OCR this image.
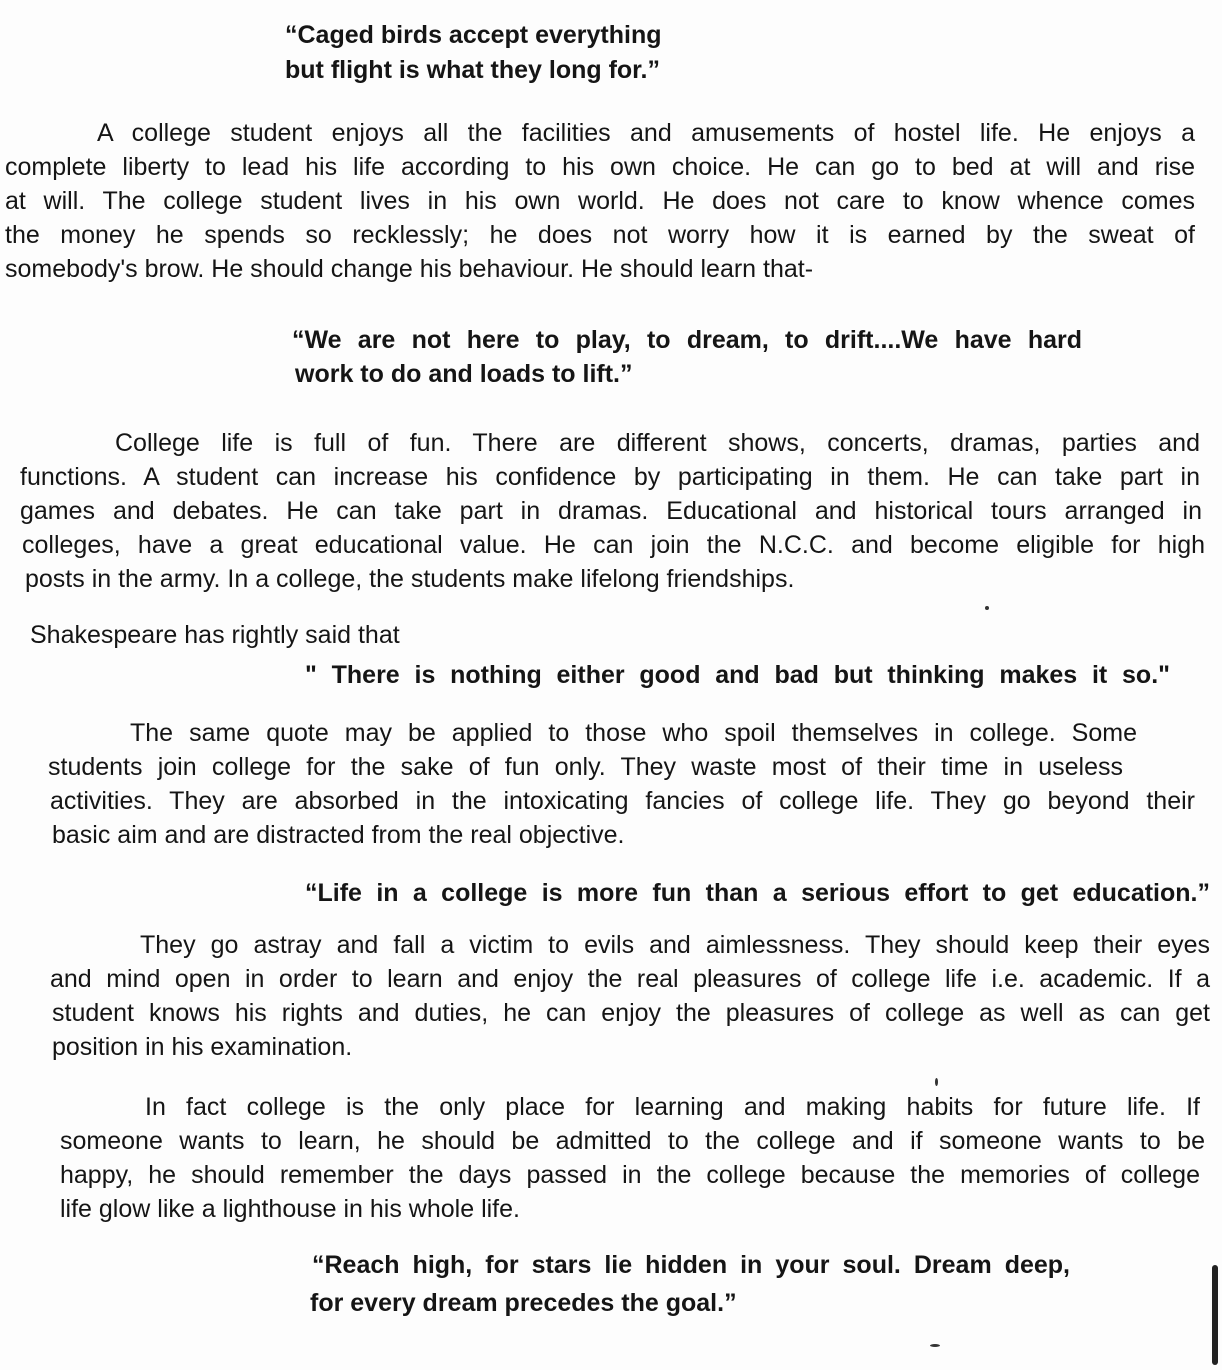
“Caged birds accept everything
but flight is what they long for.”
A college student enjoys all the facilities and amusements of hostel life. He enjoys a
complete liberty to lead his life according to his own choice. He can go to bed at will and rise
at will. The college student lives in his own world. He does not care to know whence comes
the money he spends so recklessly; he does not worry how it is earned by the sweat of
somebody's brow. He should change his behaviour. He should learn that-
“We are not here to play, to dream, to drift....We have hard
work to do and loads to lift.”
College life is full of fun. There are different shows, concerts, dramas, parties and
functions. A student can increase his confidence by participating in them. He can take part in
games and debates. He can take part in dramas. Educational and historical tours arranged in
colleges, have a great educational value. He can join the N.C.C. and become eligible for high
posts in the army. In a college, the students make lifelong friendships.
Shakespeare has rightly said that
" There is nothing either good and bad but thinking makes it so."
The same quote may be applied to those who spoil themselves in college. Some
students join college for the sake of fun only. They waste most of their time in useless
activities. They are absorbed in the intoxicating fancies of college life. They go beyond their
basic aim and are distracted from the real objective.
“Life in a college is more fun than a serious effort to get education.”
They go astray and fall a victim to evils and aimlessness. They should keep their eyes
and mind open in order to learn and enjoy the real pleasures of college life i.e. academic. If a
student knows his rights and duties, he can enjoy the pleasures of college as well as can get
position in his examination.
In fact college is the only place for learning and making habits for future life. If
someone wants to learn, he should be admitted to the college and if someone wants to be
happy, he should remember the days passed in the college because the memories of college
life glow like a lighthouse in his whole life.
“Reach high, for stars lie hidden in your soul. Dream deep,
for every dream precedes the goal.”
